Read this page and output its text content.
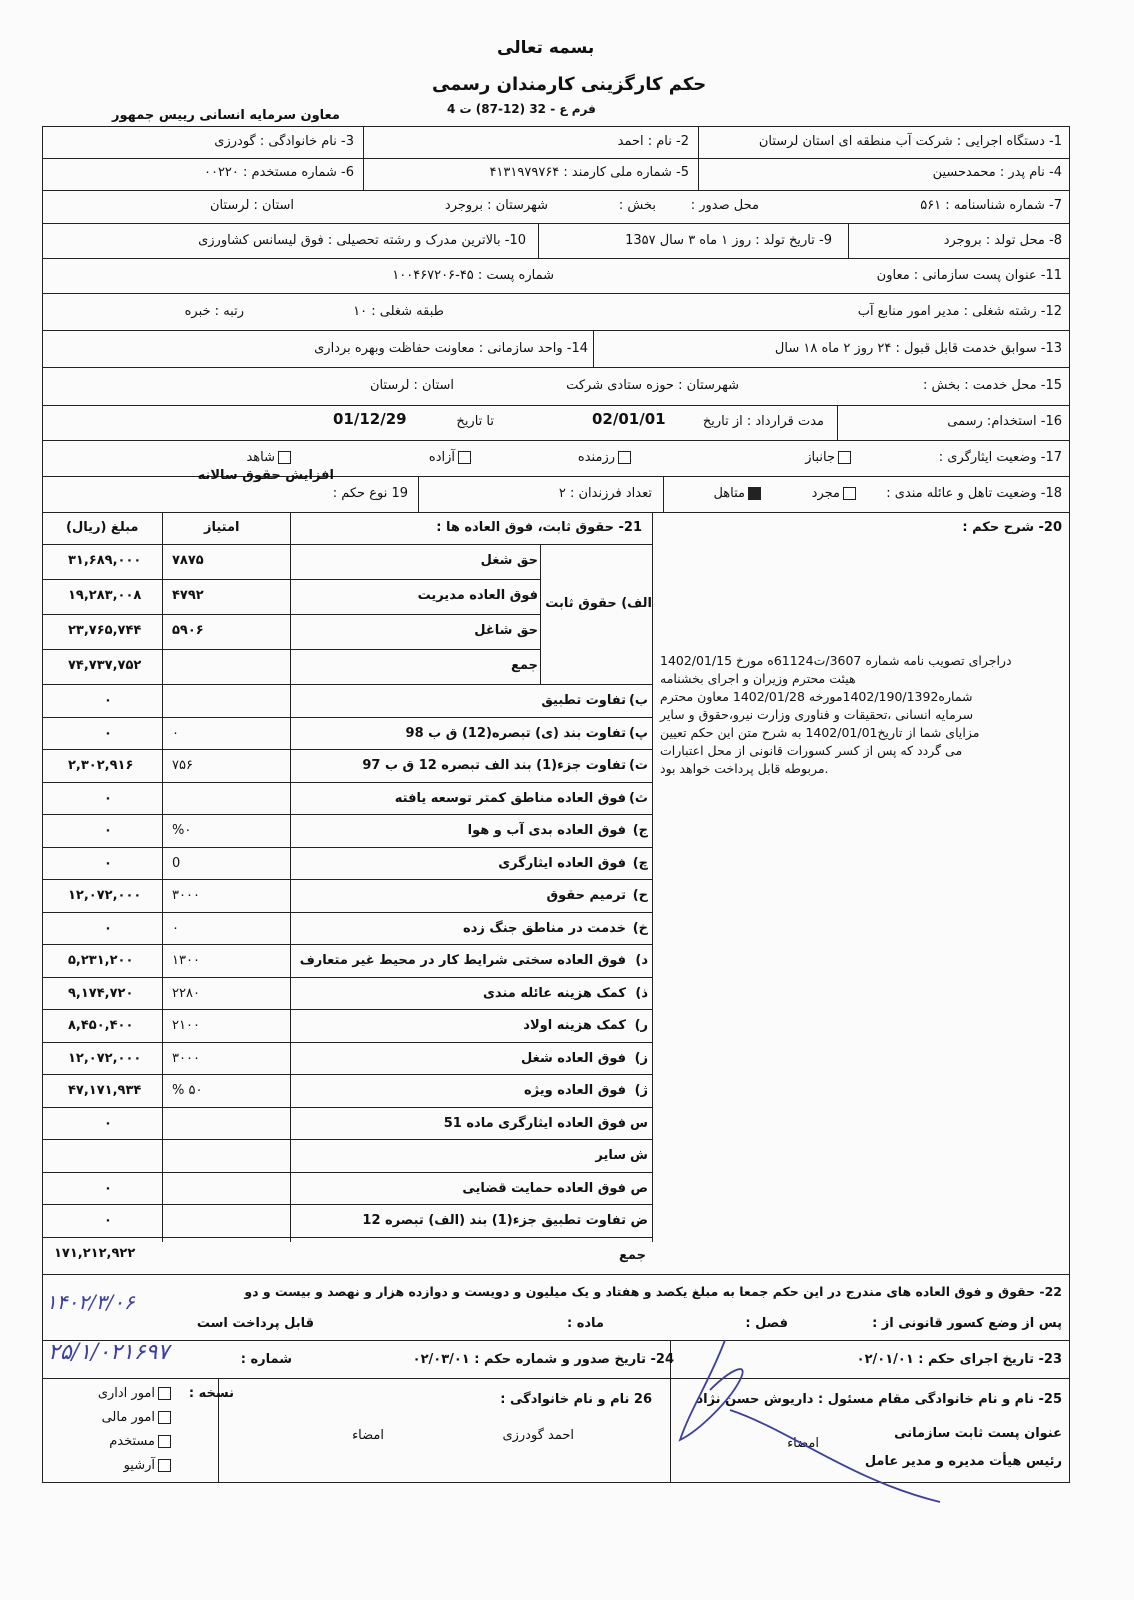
بسمه تعالی
حکم کارگزینی کارمندان رسمی
فرم ع - 32 (12-87) ت 4
معاون سرمایه انسانی رییس جمهور
1- دستگاه اجرایی : شرکت آب منطقه ای استان لرستان
2- نام : احمد
3- نام خانوادگی : گودرزی
4- نام پدر : محمدحسین
5- شماره ملی کارمند : ۴۱۳۱۹۷۹۷۶۴
6- شماره مستخدم : ۰۰۲۲۰
7- شماره شناسنامه : ۵۶۱
محل صدور :
بخش :
شهرستان : بروجرد
استان : لرستان
8- محل تولد : بروجرد
9- تاریخ تولد : روز ۱ ماه ۳ سال 13۵۷
10- بالاترین مدرک و رشته تحصیلی : فوق لیسانس کشاورزی
11- عنوان پست سازمانی : معاون
شماره پست : ۴۵-۱۰۰۴۶۷۲۰۶
12- رشته شغلی : مدیر امور منابع آب
طبقه شغلی : ۱۰
رتبه : خبره
13- سوابق خدمت قابل قبول : ۲۴ روز ۲ ماه ۱۸ سال
14- واحد سازمانی : معاونت حفاظت وبهره برداری
15- محل خدمت : بخش :
شهرستان : حوزه ستادی شرکت
استان : لرستان
16- استخدام: رسمی
مدت قرارداد : از تاریخ
02/01/01
تا تاریخ
01/12/29
17- وضعیت ایثارگری :
جانباز
رزمنده
آزاده
شاهد
18- وضعیت تاهل و عائله مندی :
مجرد
متاهل
تعداد فرزندان : ۲
19 نوع حکم :
افزایش حقوق سالانه
21- حقوق ثابت، فوق العاده ها :
امتیاز
مبلغ (ریال)
الف) حقوق ثابت
حق شغل
۷۸۷۵
۳۱,۶۸۹,۰۰۰
فوق العاده مدیریت
۴۷۹۲
۱۹,۲۸۳,۰۰۸
حق شاغل
۵۹۰۶
۲۳,۷۶۵,۷۴۴
جمع
۷۴,۷۳۷,۷۵۲
ب)
تفاوت تطبیق
۰
پ)
تفاوت بند (ی) تبصره(12) ق ب 98
۰
۰
ت)
تفاوت جزء(1) بند الف تبصره 12 ق ب 97
۷۵۶
۲,۳۰۲,۹۱۶
ث)
فوق العاده مناطق کمتر توسعه یافته
۰
ج)
فوق العاده بدی آب و هوا
%۰
۰
چ)
فوق العاده ایثارگری
0
۰
ح)
ترمیم حقوق
۳۰۰۰
۱۲,۰۷۲,۰۰۰
خ)
خدمت در مناطق جنگ زده
۰
۰
د)
فوق العاده سختی شرایط کار در محیط غیر متعارف
۱۳۰۰
۵,۲۳۱,۲۰۰
ذ)
کمک هزینه عائله مندی
۲۲۸۰
۹,۱۷۴,۷۲۰
ر)
کمک هزینه اولاد
۲۱۰۰
۸,۴۵۰,۴۰۰
ز)
فوق العاده شغل
۳۰۰۰
۱۲,۰۷۲,۰۰۰
ژ)
فوق العاده ویژه
% ۵۰
۴۷,۱۷۱,۹۳۴
س
فوق العاده ایثارگری ماده 51
۰
ش
سایر
ص
فوق العاده حمایت قضایی
۰
ض
تفاوت تطبیق جزء(1) بند (الف) تبصره 12
۰
جمع
۱۷۱,۲۱۲,۹۲۲
20- شرح حکم :
دراجرای تصویب نامه شماره 3607/ت61124ه مورخ 1402/01/15
هیئت محترم وزیران و اجرای بخشنامه
شماره1402/190/1392مورخه 1402/01/28 معاون محترم
سرمایه انسانی ،تحقیقات و فناوری وزارت نیرو،حقوق و سایر
مزایای شما از تاریخ1402/01/01 به شرح متن این حکم تعیین
می گردد که پس از کسر کسورات قانونی از محل اعتبارات
.مربوطه قابل پرداخت خواهد بود
22- حقوق و فوق العاده های مندرج در این حکم جمعا به مبلغ یکصد و هفتاد و یک میلیون و دویست و دوازده هزار و نهصد و بیست و دو
پس از وضع کسور قانونی از :
فصل :
ماده :
قابل پرداخت است
۱۴۰۲/۳/۰۶
23- تاریخ اجرای حکم : ۰۲/۰۱/۰۱
24- تاریخ صدور و شماره حکم : ۰۲/۰۳/۰۱
شماره :
۲۵/۱/۰۲۱۶۹۷
25- نام و نام خانوادگی مقام مسئول : داریوش حسن نژاد
عنوان پست ثابت سازمانی
رئیس هیأت مدیره و مدیر عامل
امضاء
26 نام و نام خانوادگی :
احمد گودرزی
امضاء
نسخه :
امور اداری
امور مالی
مستخدم
آرشیو
